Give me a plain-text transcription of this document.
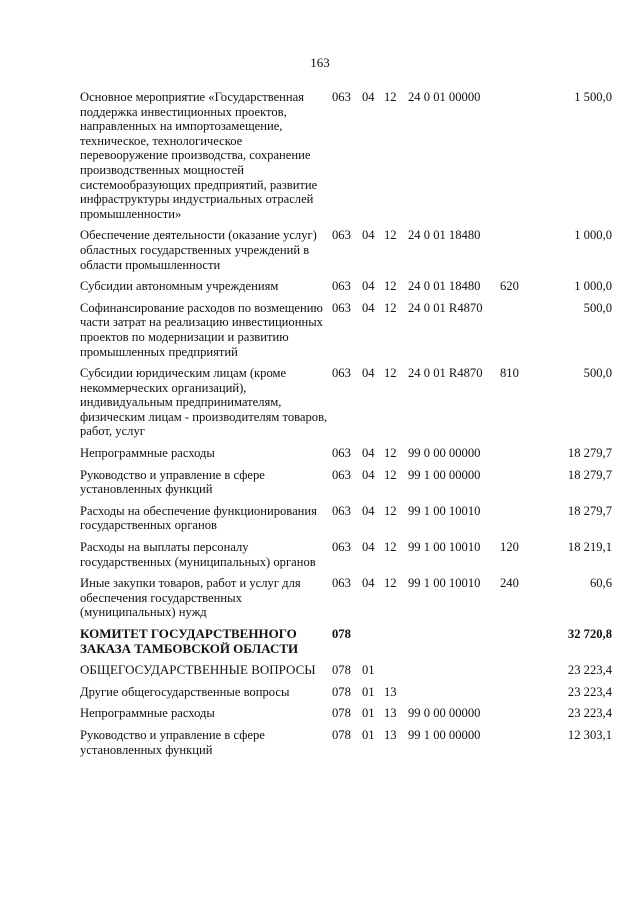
163
Основное мероприятие «Государственная поддержка инвестиционных проектов, направленных на импортозамещение, техническое, технологическое перевооружение производства, сохранение производственных мощностей системообразующих предприятий, развитие инфраструктуры индустриальных отраслей промышленности»	063	04	12	24 0 01 00000		1 500,0
Обеспечение деятельности (оказание услуг) областных государственных учреждений в области промышленности	063	04	12	24 0 01 18480		1 000,0
Субсидии автономным учреждениям	063	04	12	24 0 01 18480	620	1 000,0
Софинансирование расходов по возмещению части затрат на реализацию инвестиционных проектов по модернизации и развитию промышленных предприятий	063	04	12	24 0 01 R4870		500,0
Субсидии юридическим лицам (кроме некоммерческих организаций), индивидуальным предпринимателям, физическим лицам - производителям товаров, работ, услуг	063	04	12	24 0 01 R4870	810	500,0
Непрограммные расходы	063	04	12	99 0 00 00000		18 279,7
Руководство и управление в сфере установленных функций	063	04	12	99 1 00 00000		18 279,7
Расходы на обеспечение функционирования государственных органов	063	04	12	99 1 00 10010		18 279,7
Расходы на выплаты персоналу государственных (муниципальных) органов	063	04	12	99 1 00 10010	120	18 219,1
Иные закупки товаров, работ и услуг для обеспечения государственных (муниципальных) нужд	063	04	12	99 1 00 10010	240	60,6
КОМИТЕТ ГОСУДАРСТВЕННОГО ЗАКАЗА ТАМБОВСКОЙ ОБЛАСТИ	078					32 720,8
ОБЩЕГОСУДАРСТВЕННЫЕ ВОПРОСЫ	078	01				23 223,4
Другие общегосударственные вопросы	078	01	13			23 223,4
Непрограммные расходы	078	01	13	99 0 00 00000		23 223,4
Руководство и управление в сфере установленных функций	078	01	13	99 1 00 00000		12 303,1
